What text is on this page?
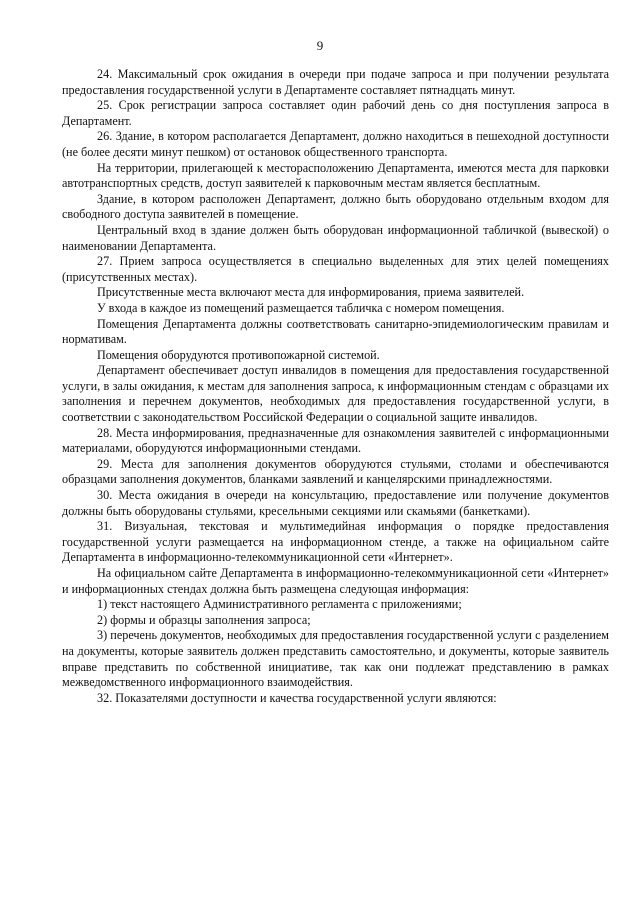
9

24. Максимальный срок ожидания в очереди при подаче запроса и при получении результата предоставления государственной услуги в Департаменте составляет пятнадцать минут.

25. Срок регистрации запроса составляет один рабочий день со дня поступления запроса в Департамент.

26. Здание, в котором располагается Департамент, должно находиться в пешеходной доступности (не более десяти минут пешком) от остановок общественного транспорта.

На территории, прилегающей к месторасположению Департамента, имеются места для парковки автотранспортных средств, доступ заявителей к парковочным местам является бесплатным.

Здание, в котором расположен Департамент, должно быть оборудовано отдельным входом для свободного доступа заявителей в помещение.

Центральный вход в здание должен быть оборудован информационной табличкой (вывеской) о наименовании Департамента.

27. Прием запроса осуществляется в специально выделенных для этих целей помещениях (присутственных местах).

Присутственные места включают места для информирования, приема заявителей.

У входа в каждое из помещений размещается табличка с номером помещения.

Помещения Департамента должны соответствовать санитарно-эпидемиологическим правилам и нормативам.

Помещения оборудуются противопожарной системой.

Департамент обеспечивает доступ инвалидов в помещения для предоставления государственной услуги, в залы ожидания, к местам для заполнения запроса, к информационным стендам с образцами их заполнения и перечнем документов, необходимых для предоставления государственной услуги, в соответствии с законодательством Российской Федерации о социальной защите инвалидов.

28. Места информирования, предназначенные для ознакомления заявителей с информационными материалами, оборудуются информационными стендами.

29. Места для заполнения документов оборудуются стульями, столами и обеспечиваются образцами заполнения документов, бланками заявлений и канцелярскими принадлежностями.

30. Места ожидания в очереди на консультацию, предоставление или получение документов должны быть оборудованы стульями, кресельными секциями или скамьями (банкетками).

31. Визуальная, текстовая и мультимедийная информация о порядке предоставления государственной услуги размещается на информационном стенде, а также на официальном сайте Департамента в информационно-телекоммуникационной сети «Интернет».

На официальном сайте Департамента в информационно-телекоммуникационной сети «Интернет» и информационных стендах должна быть размещена следующая информация:

1) текст настоящего Административного регламента с приложениями;

2) формы и образцы заполнения запроса;

3) перечень документов, необходимых для предоставления государственной услуги с разделением на документы, которые заявитель должен представить самостоятельно, и документы, которые заявитель вправе представить по собственной инициативе, так как они подлежат представлению в рамках межведомственного информационного взаимодействия.

32. Показателями доступности и качества государственной услуги являются:
